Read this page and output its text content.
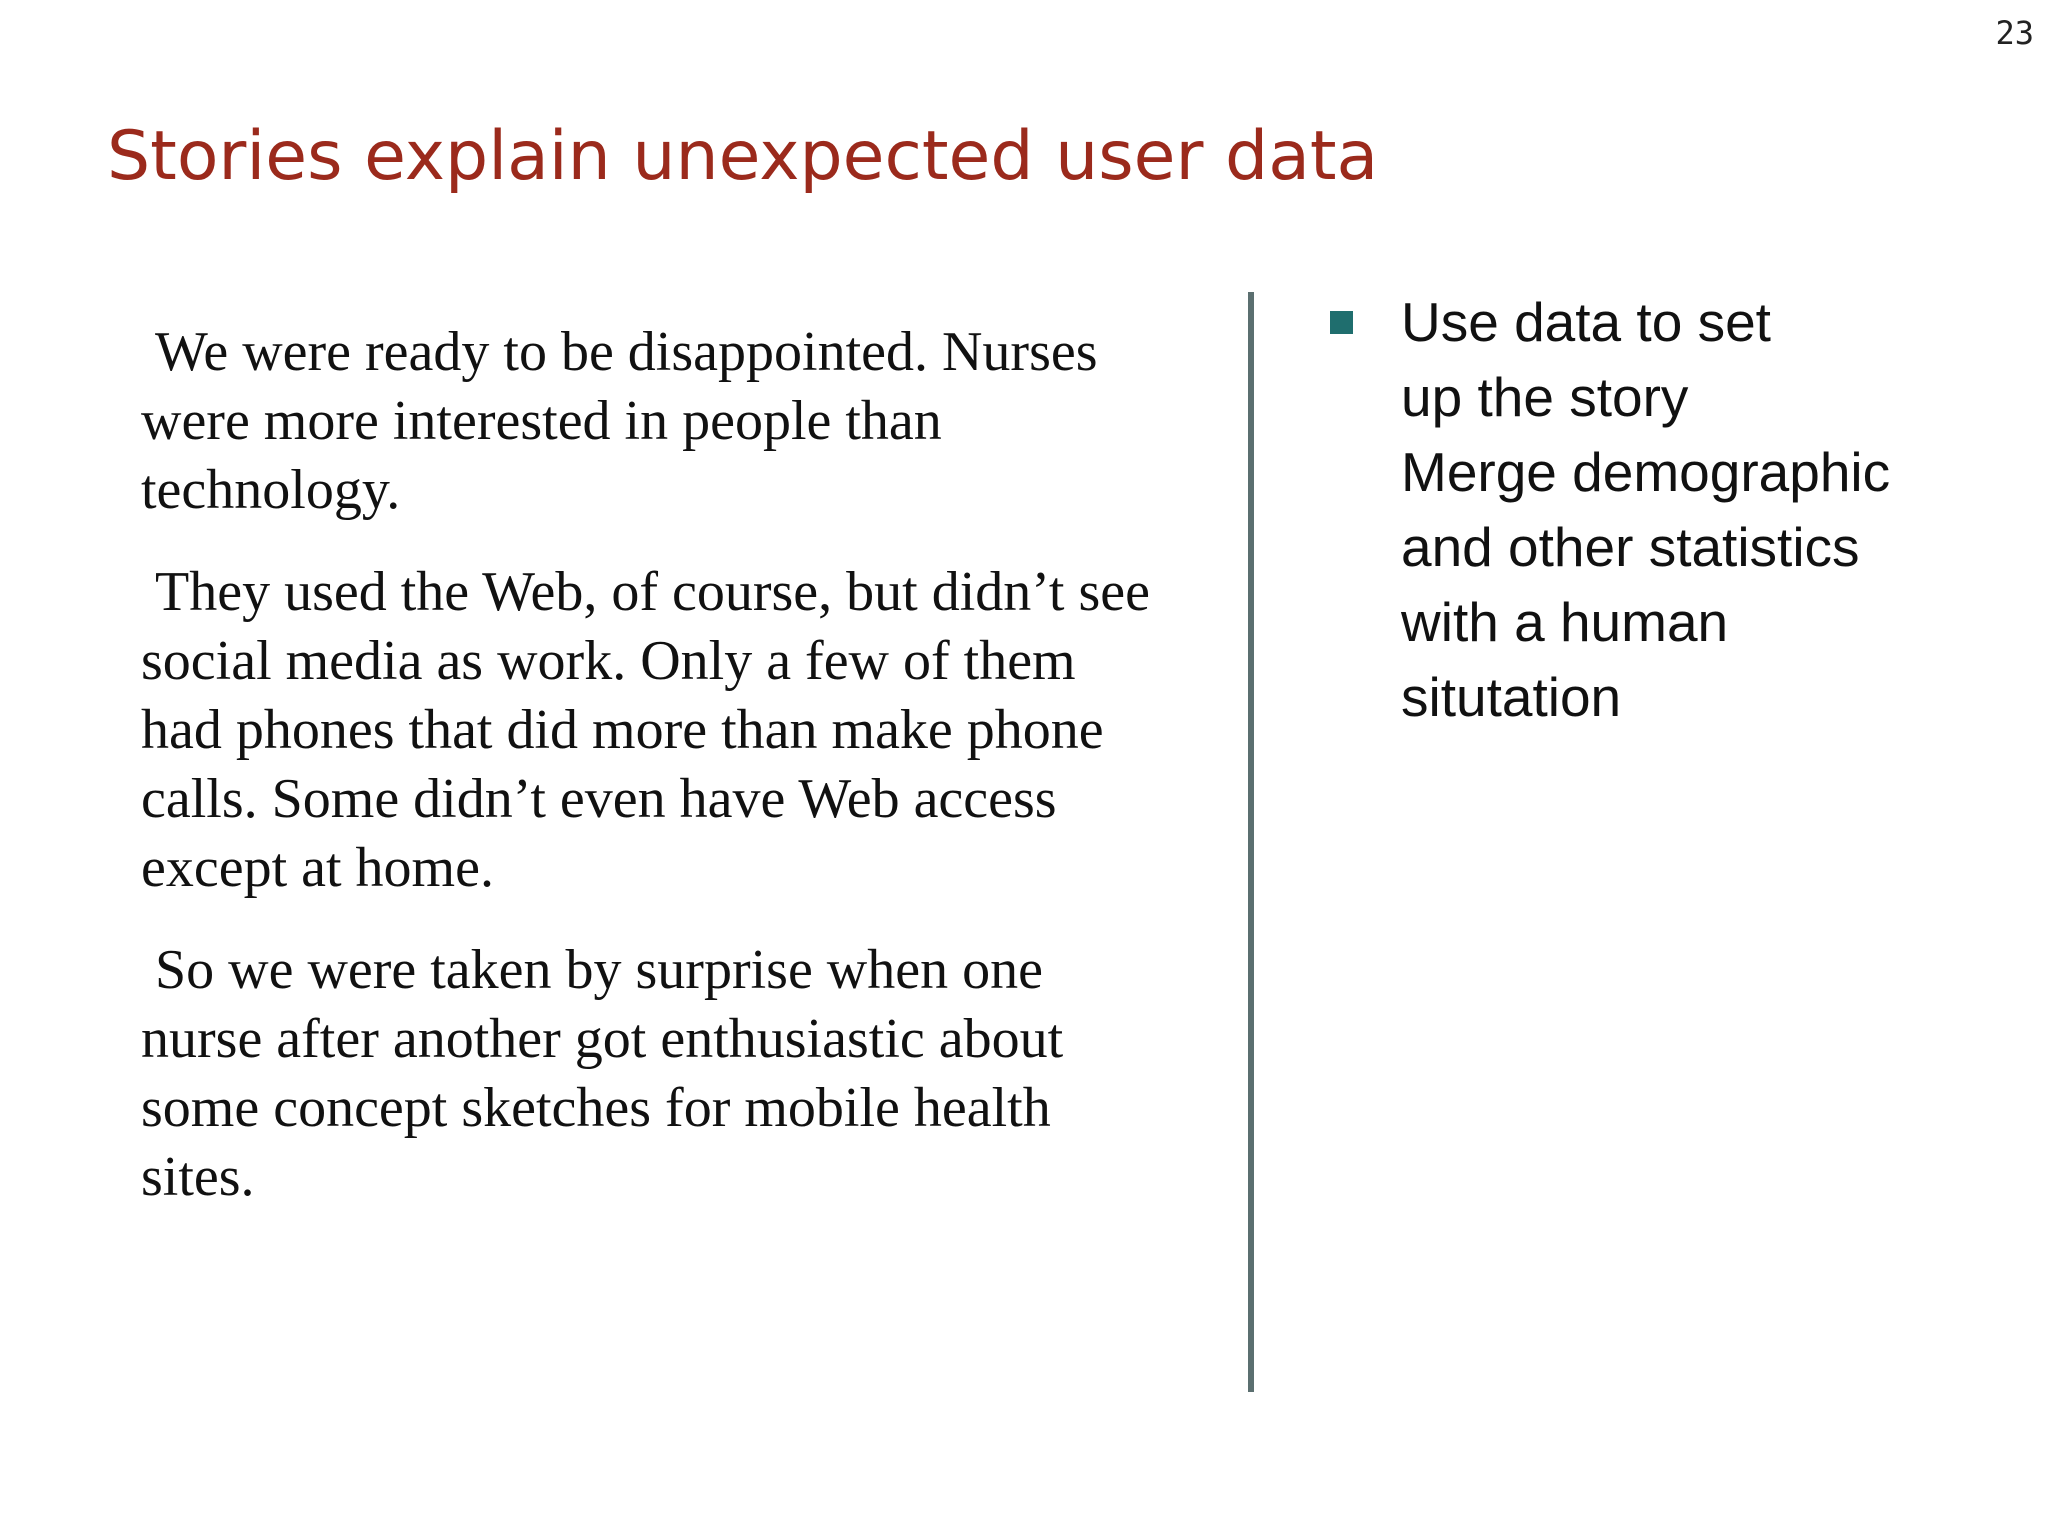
23
Stories explain unexpected user data

We were ready to be disappointed. Nurses were more interested in people than technology.

They used the Web, of course, but didn’t see social media as work. Only a few of them had phones that did more than make phone calls. Some didn’t even have Web access except at home.

So we were taken by surprise when one nurse after another got enthusiastic about some concept sketches for mobile health sites.

Use data to set
up the story
Merge demographic
and other statistics
with a human
situtation
